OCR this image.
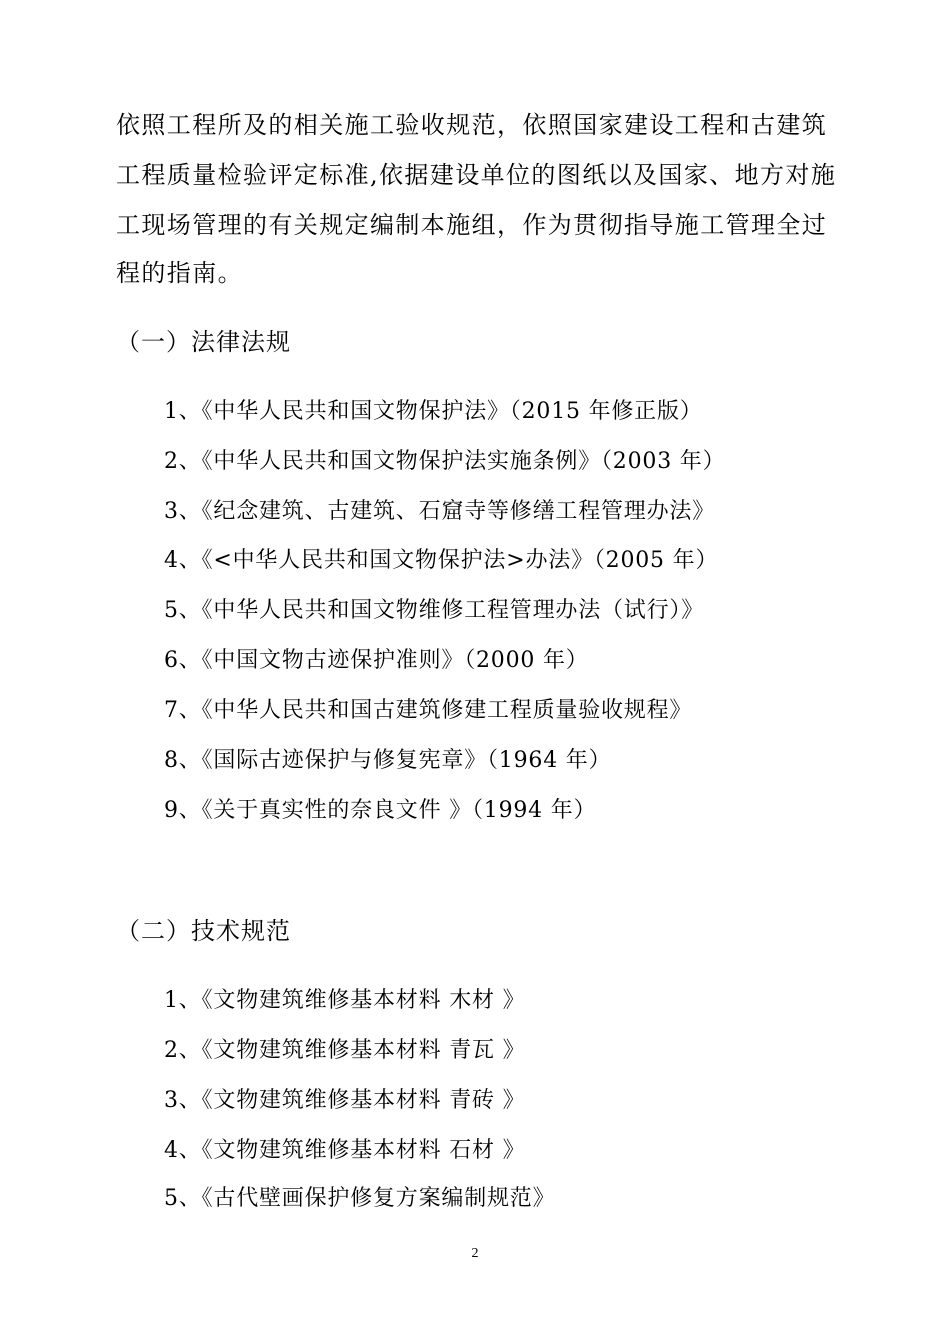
依照工程所及的相关施工验收规范，依照国家建设工程和古建筑
工程质量检验评定标准,依据建设单位的图纸以及国家、地方对施
工现场管理的有关规定编制本施组，作为贯彻指导施工管理全过
程的指南。
（一）法律法规
1、《中华人民共和国文物保护法》（2015 年修正版）
2、《中华人民共和国文物保护法实施条例》（2003 年）
3、《纪念建筑、古建筑、石窟寺等修缮工程管理办法》
4、《<中华人民共和国文物保护法>办法》（2005 年）
5、《中华人民共和国文物维修工程管理办法（试行）》
6、《中国文物古迹保护准则》（2000 年）
7、《中华人民共和国古建筑修建工程质量验收规程》
8、《国际古迹保护与修复宪章》（1964 年）
9、《关于真实性的奈良文件 》（1994 年）
（二）技术规范
1、《文物建筑维修基本材料 木材 》
2、《文物建筑维修基本材料 青瓦 》
3、《文物建筑维修基本材料 青砖 》
4、《文物建筑维修基本材料 石材 》
5、《古代壁画保护修复方案编制规范》
2
